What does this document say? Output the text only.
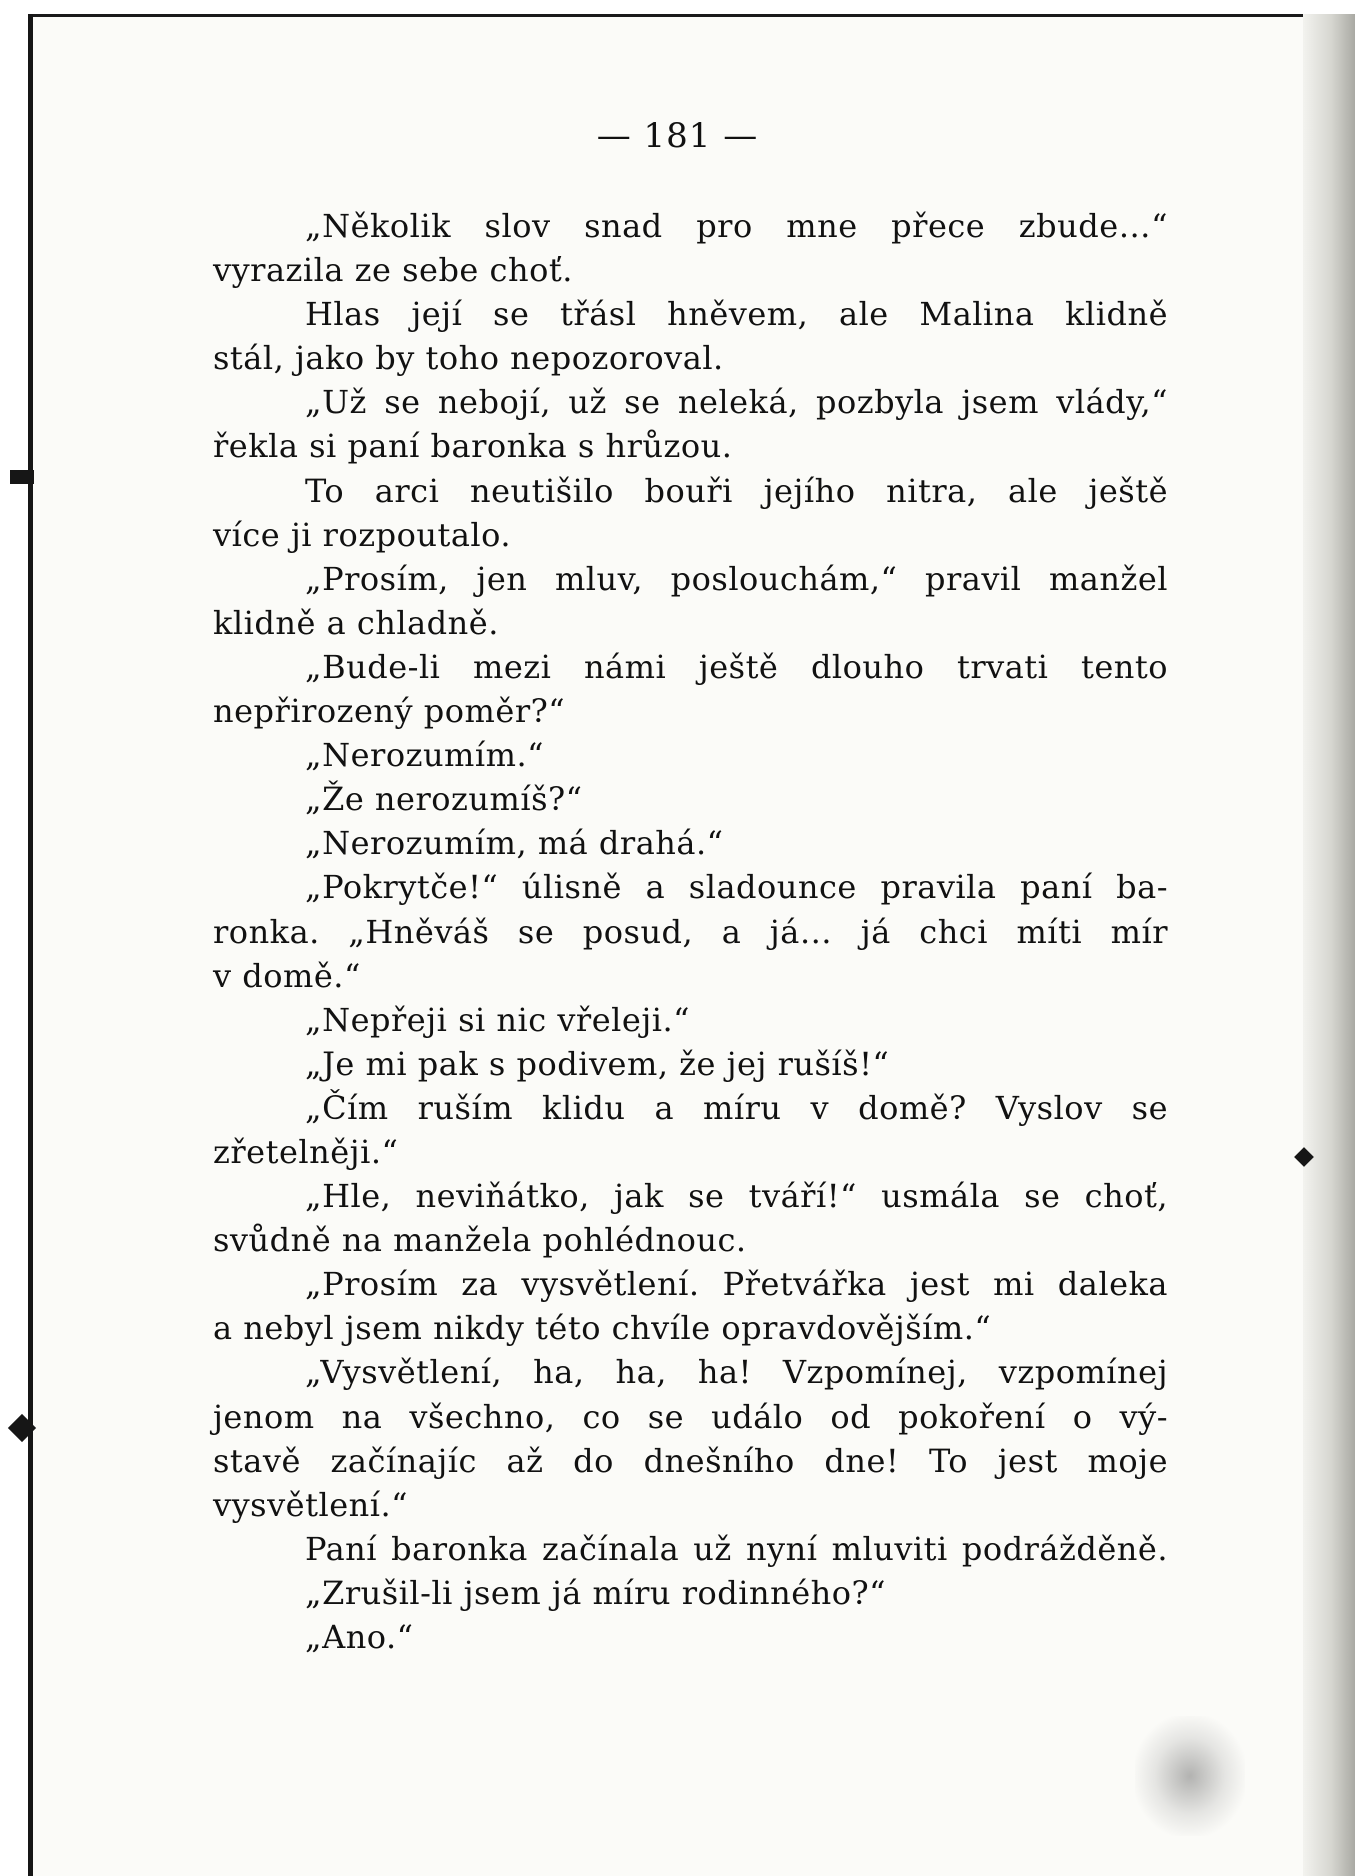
— 181 —
„Několik slov snad pro mne přece zbude…“
vyrazila ze sebe choť.
Hlas její se třásl hněvem, ale Malina klidně
stál, jako by toho nepozoroval.
„Už se nebojí, už se neleká, pozbyla jsem vlády,“
řekla si paní baronka s hrůzou.
To arci neutišilo bouři jejího nitra, ale ještě
více ji rozpoutalo.
„Prosím, jen mluv, poslouchám,“ pravil manžel
klidně a chladně.
„Bude-li mezi námi ještě dlouho trvati tento
nepřirozený poměr?“
„Nerozumím.“
„Že nerozumíš?“
„Nerozumím, má drahá.“
„Pokrytče!“ úlisně a sladounce pravila paní ba-
ronka. „Hněváš se posud, a já… já chci míti mír
v domě.“
„Nepřeji si nic vřeleji.“
„Je mi pak s podivem, že jej rušíš!“
„Čím ruším klidu a míru v domě? Vyslov se
zřetelněji.“
„Hle, neviňátko, jak se tváří!“ usmála se choť,
svůdně na manžela pohlédnouc.
„Prosím za vysvětlení. Přetvářka jest mi daleka
a nebyl jsem nikdy této chvíle opravdovějším.“
„Vysvětlení, ha, ha, ha! Vzpomínej, vzpomínej
jenom na všechno, co se událo od pokoření o vý-
stavě začínajíc až do dnešního dne! To jest moje
vysvětlení.“
Paní baronka začínala už nyní mluviti podrážděně.
„Zrušil-li jsem já míru rodinného?“
„Ano.“
